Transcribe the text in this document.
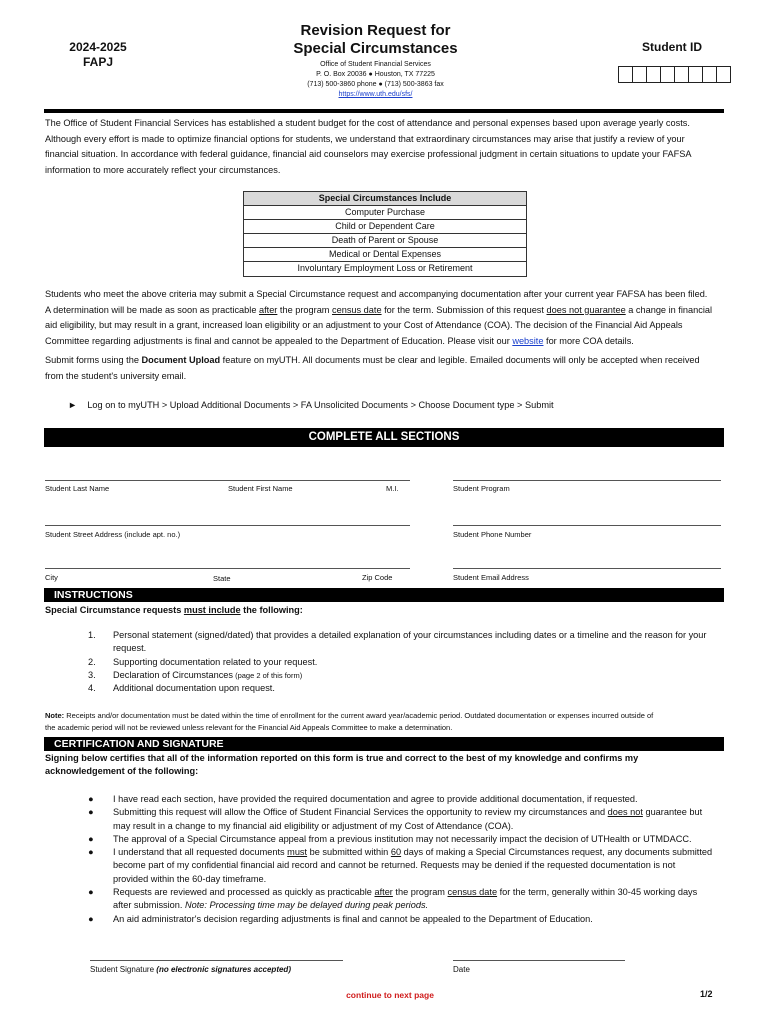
2024-2025
FAPJ
Revision Request for
Special Circumstances
Office of Student Financial Services
P. O. Box 20036 ● Houston, TX 77225
(713) 500-3860 phone ● (713) 500-3863 fax
https://www.uth.edu/sfs/
Student ID
The Office of Student Financial Services has established a student budget for the cost of attendance and personal expenses based upon average yearly costs.
Although every effort is made to optimize financial options for students, we understand that extraordinary circumstances may arise that justify a review of your
financial situation. In accordance with federal guidance, financial aid counselors may exercise professional judgment in certain situations to update your FAFSA
information to more accurately reflect your circumstances.
Special Circumstances Include
Computer Purchase
Child or Dependent Care
Death of Parent or Spouse
Medical or Dental Expenses
Involuntary Employment Loss or Retirement
Students who meet the above criteria may submit a Special Circumstance request and accompanying documentation after your current year FAFSA has been filed.
A determination will be made as soon as practicable after the program census date for the term. Submission of this request does not guarantee a change in financial
aid eligibility, but may result in a grant, increased loan eligibility or an adjustment to your Cost of Attendance (COA). The decision of the Financial Aid Appeals
Committee regarding adjustments is final and cannot be appealed to the Department of Education. Please visit our website for more COA details.
Submit forms using the Document Upload feature on myUTH. All documents must be clear and legible. Emailed documents will only be accepted when received
from the student's university email.
► Log on to myUTH > Upload Additional Documents > FA Unsolicited Documents > Choose Document type > Submit
COMPLETE ALL SECTIONS
Student Last Name	Student First Name	M.I.	Student Program
Student Street Address (include apt. no.)	Student Phone Number
City	State	Zip Code	Student Email Address
INSTRUCTIONS
Special Circumstance requests must include the following:
1.	Personal statement (signed/dated) that provides a detailed explanation of your circumstances including dates or a timeline and the reason for your
request.
2.	Supporting documentation related to your request.
3.	Declaration of Circumstances (page 2 of this form)
4.	Additional documentation upon request.
Note: Receipts and/or documentation must be dated within the time of enrollment for the current award year/academic period. Outdated documentation or expenses incurred outside of
the academic period will not be reviewed unless relevant for the Financial Aid Appeals Committee to make a determination.
CERTIFICATION AND SIGNATURE
Signing below certifies that all of the information reported on this form is true and correct to the best of my knowledge and confirms my
acknowledgement of the following:
●	I have read each section, have provided the required documentation and agree to provide additional documentation, if requested.
●	Submitting this request will allow the Office of Student Financial Services the opportunity to review my circumstances and does not guarantee but
may result in a change to my financial aid eligibility or adjustment of my Cost of Attendance (COA).
●	The approval of a Special Circumstance appeal from a previous institution may not necessarily impact the decision of UTHealth or UTMDACC.
●	I understand that all requested documents must be submitted within 60 days of making a Special Circumstances request, any documents submitted
become part of my confidential financial aid record and cannot be returned. Requests may be denied if the requested documentation is not
provided within the 60-day timeframe.
●	Requests are reviewed and processed as quickly as practicable after the program census date for the term, generally within 30-45 working days
after submission. Note: Processing time may be delayed during peak periods.
●	An aid administrator's decision regarding adjustments is final and cannot be appealed to the Department of Education.
Student Signature (no electronic signatures accepted)	Date
continue to next page	1/2
